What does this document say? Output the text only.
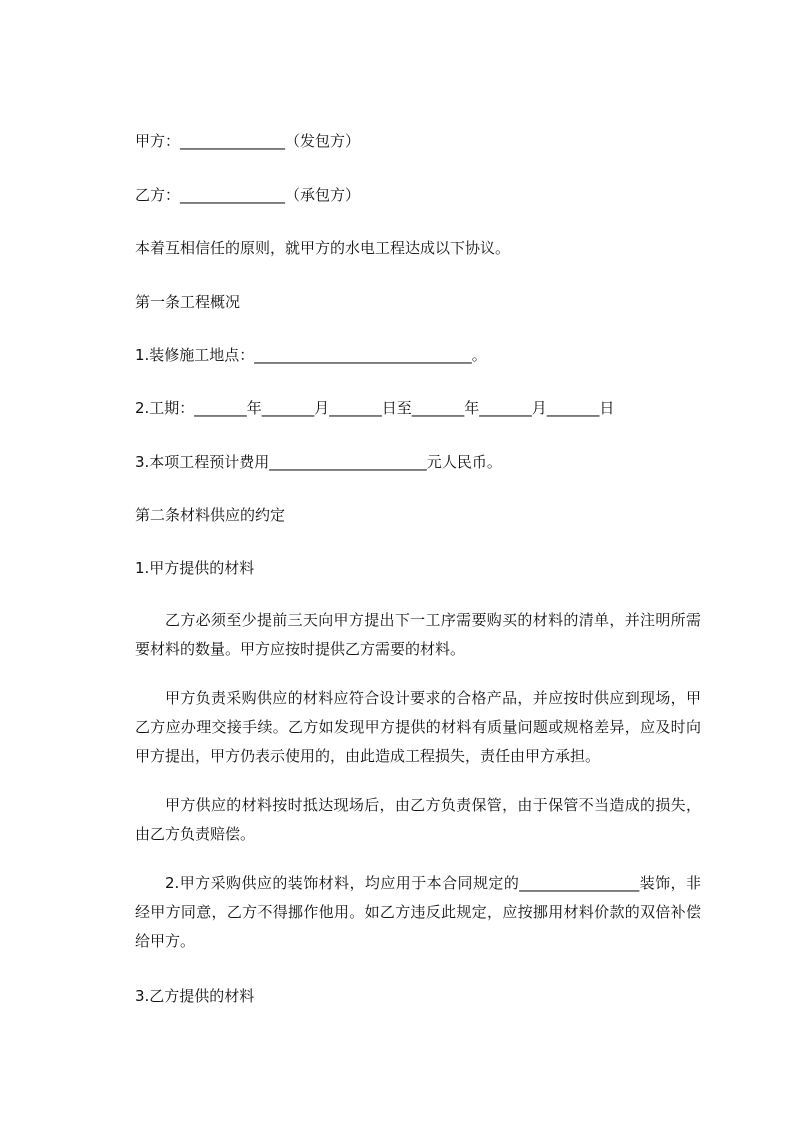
甲方：______________（发包方）

乙方：______________（承包方）

本着互相信任的原则，就甲方的水电工程达成以下协议。

第一条工程概况

1.装修施工地点：_____________________________。

2.工期：_______年_______月_______日至_______年_______月_______日

3.本项工程预计费用_____________________元人民币。

第二条材料供应的约定

1.甲方提供的材料

乙方必须至少提前三天向甲方提出下一工序需要购买的材料的清单，并注明所需要材料的数量。甲方应按时提供乙方需要的材料。

甲方负责采购供应的材料应符合设计要求的合格产品，并应按时供应到现场，甲乙方应办理交接手续。乙方如发现甲方提供的材料有质量问题或规格差异，应及时向甲方提出，甲方仍表示使用的，由此造成工程损失，责任由甲方承担。

甲方供应的材料按时抵达现场后，由乙方负责保管，由于保管不当造成的损失，由乙方负责赔偿。

2.甲方采购供应的装饰材料，均应用于本合同规定的________________装饰，非经甲方同意，乙方不得挪作他用。如乙方违反此规定，应按挪用材料价款的双倍补偿给甲方。

3.乙方提供的材料
